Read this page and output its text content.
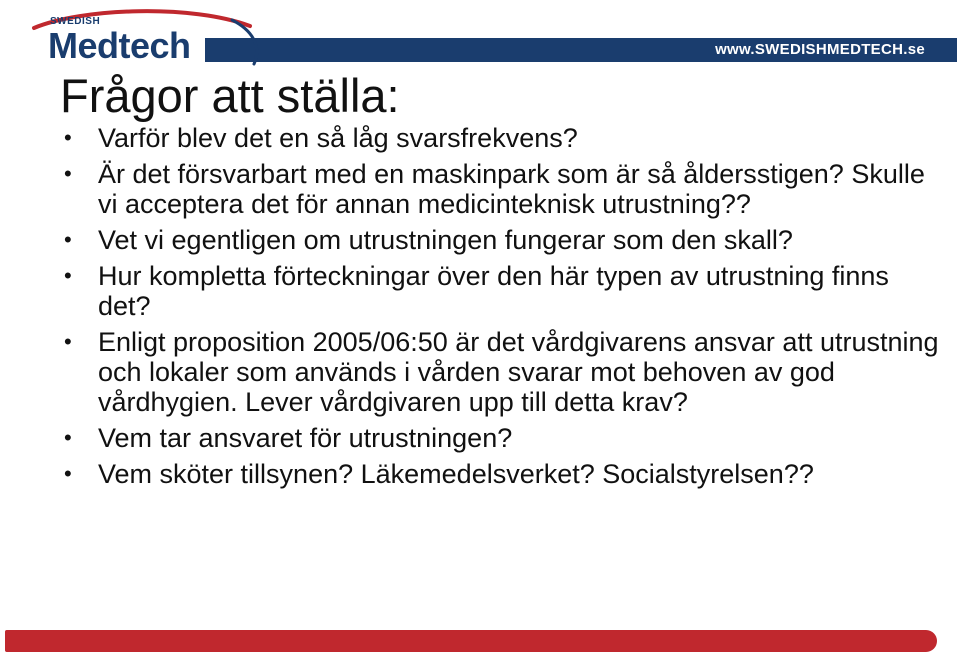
www.SWEDISHMEDTECH.se
SWEDISH
Medtech
Frågor att ställa:
• Varför blev det en så låg svarsfrekvens?
• Är det försvarbart med en maskinpark som är så åldersstigen? Skulle vi acceptera det för annan medicinteknisk utrustning??
• Vet vi egentligen om utrustningen fungerar som den skall?
• Hur kompletta förteckningar över den här typen av utrustning finns det?
• Enligt proposition 2005/06:50 är det vårdgivarens ansvar att utrustning och lokaler som används i vården svarar mot behoven av god vårdhygien. Lever vårdgivaren upp till detta krav?
• Vem tar ansvaret för utrustningen?
• Vem sköter tillsynen? Läkemedelsverket? Socialstyrelsen??
